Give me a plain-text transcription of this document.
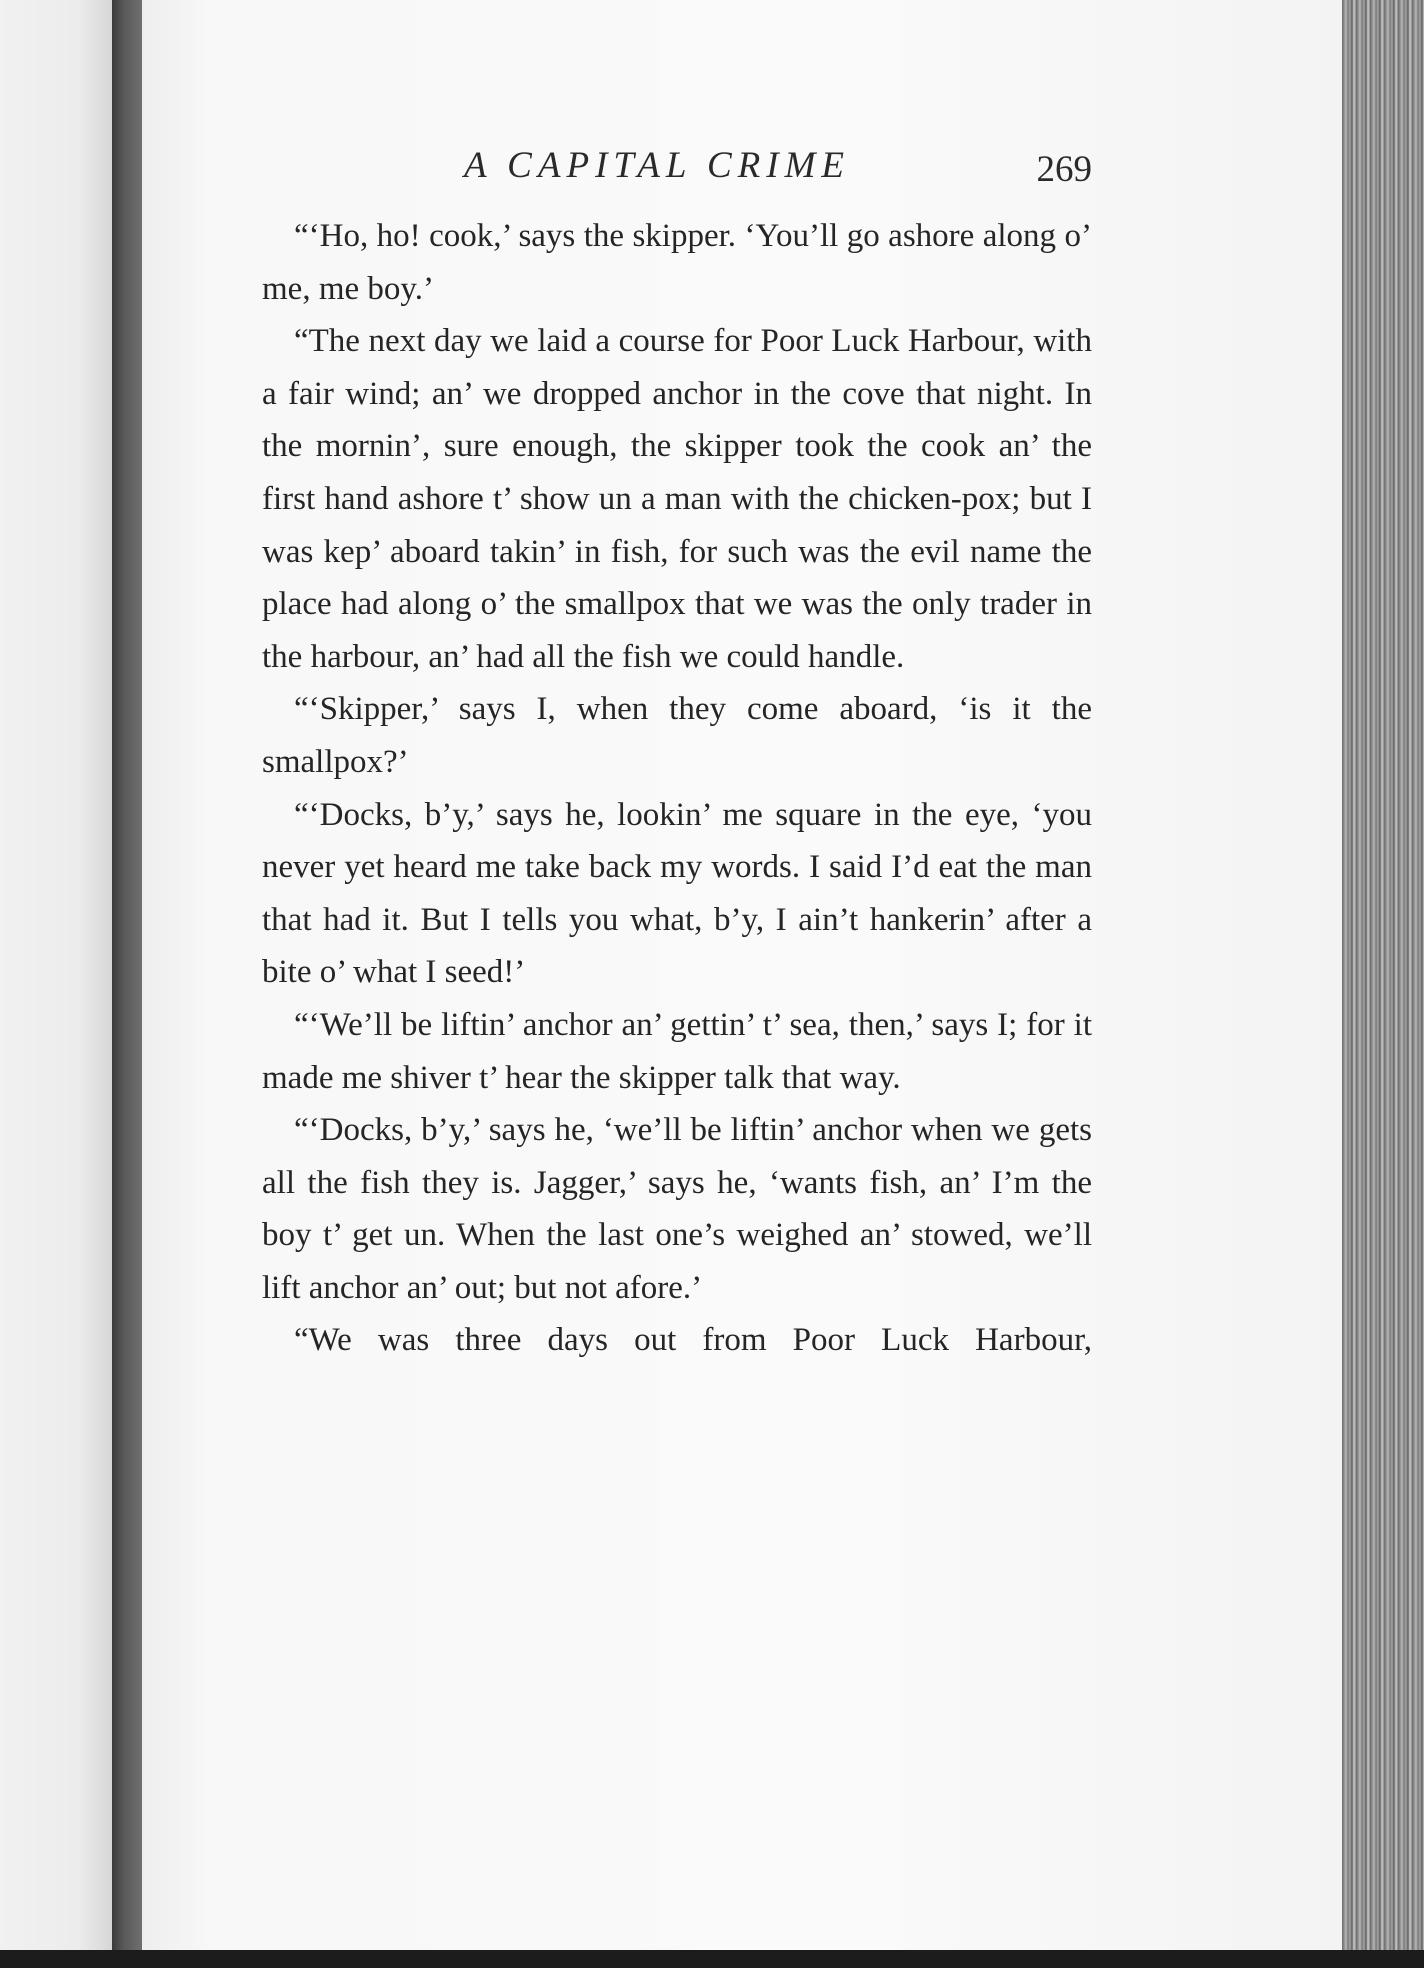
A CAPITAL CRIME	269

“‘Ho, ho! cook,’ says the skipper. ‘You’ll go ashore along o’ me, me boy.’

“The next day we laid a course for Poor Luck Harbour, with a fair wind; an’ we dropped anchor in the cove that night. In the mornin’, sure enough, the skipper took the cook an’ the first hand ashore t’ show un a man with the chicken-pox; but I was kep’ aboard takin’ in fish, for such was the evil name the place had along o’ the smallpox that we was the only trader in the harbour, an’ had all the fish we could handle.

“‘Skipper,’ says I, when they come aboard, ‘is it the smallpox?’

“‘Docks, b’y,’ says he, lookin’ me square in the eye, ‘you never yet heard me take back my words. I said I’d eat the man that had it. But I tells you what, b’y, I ain’t hankerin’ after a bite o’ what I seed!’

“‘We’ll be liftin’ anchor an’ gettin’ t’ sea, then,’ says I; for it made me shiver t’ hear the skipper talk that way.

“‘Docks, b’y,’ says he, ‘we’ll be liftin’ anchor when we gets all the fish they is. Jagger,’ says he, ‘wants fish, an’ I’m the boy t’ get un. When the last one’s weighed an’ stowed, we’ll lift anchor an’ out; but not afore.’

“We was three days out from Poor Luck Harbour,
